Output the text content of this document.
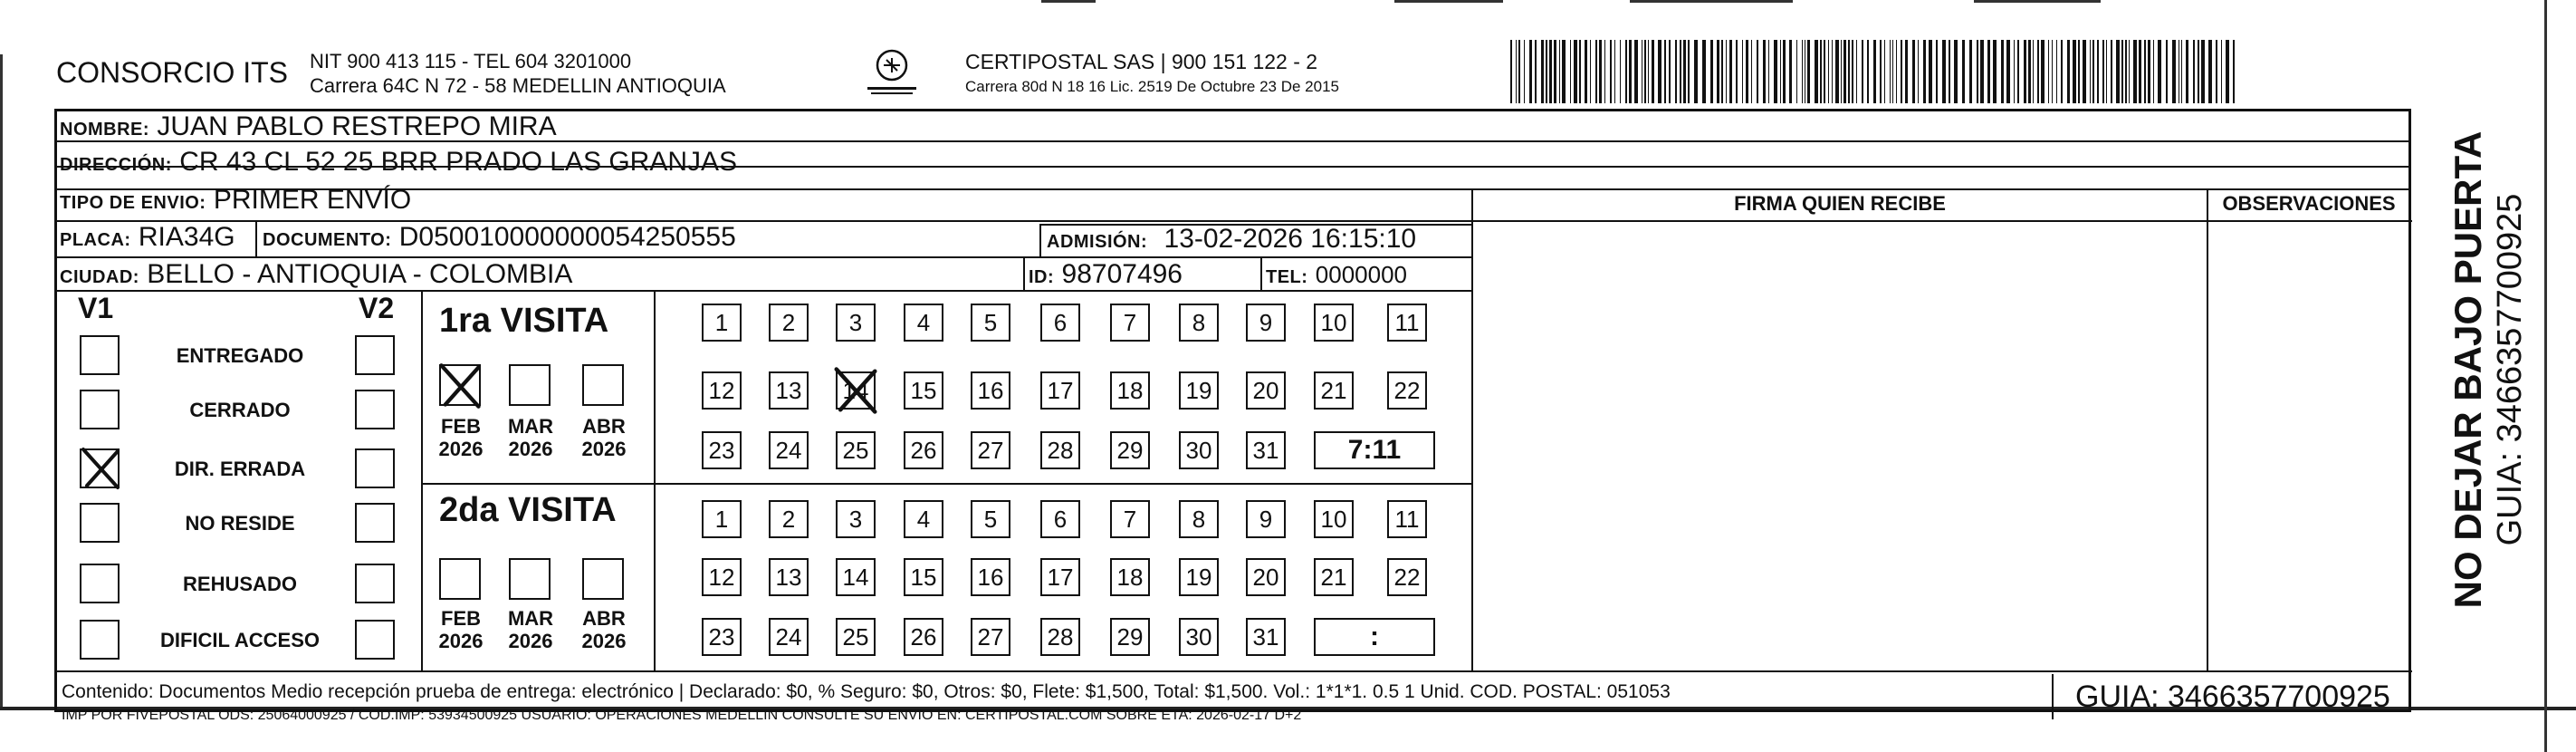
CONSORCIO ITS NIT 900 413 115 - TEL 604 3201000
Carrera 64C N 72 - 58 MEDELLIN ANTIOQUIA
CERTIPOSTAL SAS | 900 151 122 - 2
Carrera 80d N 18 16 Lic. 2519 De Octubre 23 De 2015
NOMBRE: JUAN PABLO RESTREPO MIRA
DIRECCIÓN: CR 43 CL 52 25 BRR PRADO LAS GRANJAS
TIPO DE ENVIO: PRIMER ENVÍO	FIRMA QUIEN RECIBE	OBSERVACIONES
PLACA: RIA34G DOCUMENTO: D050010000000054250555	ADMISIÓN: 13-02-2026 16:15:10
CIUDAD: BELLO - ANTIOQUIA - COLOMBIA	ID: 98707496	TEL: 0000000
V1	V2 1ra VISITA
2da VISITA
Contenido: Documentos Medio recepción prueba de entrega: electrónico | Declarado: $0, % Seguro: $0, Otros: $0, Flete: $1,500, Total: $1,500. Vol.: 1*1*1. 0.5 1 Unid. COD. POSTAL: 051053
IMP POR FIVEPOSTAL ODS: 25064000925 / COD.IMP: 53934500925 USUARIO: OPERACIONES MEDELLIN CONSULTE SU ENVIO EN: CERTIPOSTAL.COM SOBRE ETA: 2026-02-17 D+2
GUIA: 3466357700925
NO DEJAR BAJO PUERTA GUIA: 3466357700925
ENTREGADO
CERRADO
DIR. ERRADA
NO RESIDE
REHUSADO
DIFICIL ACCESO
FEB
2026
MAR
2026
ABR
2026
FEB
2026
MAR
2026
ABR
2026
1	2	3	4	5	6	7	8	9	10	11
12 13 14 15 16 17 18 19 20 21 22
23 24 25 26 27 28 29 30 31	7:11
1	2	3	4	5	6	7	8	9	10	11
12 13 14 15 16 17 18 19 20 21 22
23 24 25 26 27 28 29 30 31	:
